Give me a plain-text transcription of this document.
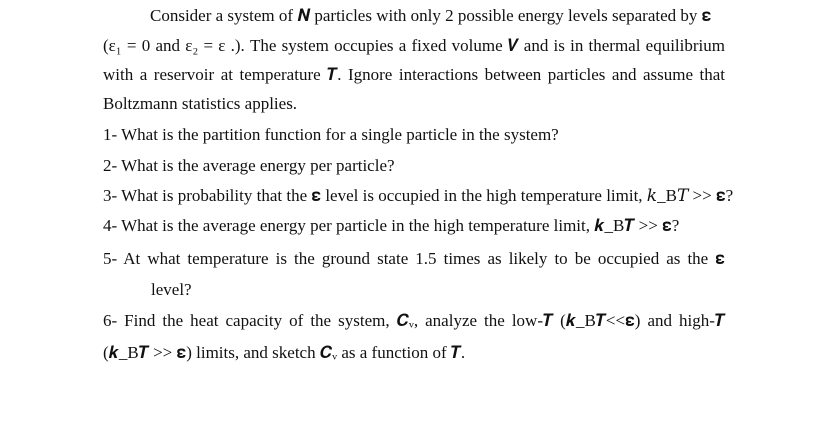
Consider a system of 𝑵 particles with only 2 possible energy levels separated by 𝛆
(ε₁ = 0 and ε₂ = ε .). The system occupies a fixed volume 𝑽 and is in thermal equilibrium
with a reservoir at temperature 𝑻. Ignore interactions between particles and assume that
Boltzmann statistics applies.
1- What is the partition function for a single particle in the system?
2- What is the average energy per particle?
3- What is probability that the 𝛆 level is occupied in the high temperature limit, 𝑘_B𝑇 >> 𝛆?
4- What is the average energy per particle in the high temperature limit, 𝒌_B𝑻 >> 𝛆?
5- At what temperature is the ground state 1.5 times as likely to be occupied as the 𝛆
level?
6- Find the heat capacity of the system, 𝑪ᵥ, analyze the low-𝑻 (𝒌_B𝑻<<𝛆) and high-𝑻
(𝒌_B𝑻 >> 𝛆) limits, and sketch 𝑪ᵥ as a function of 𝑻.
